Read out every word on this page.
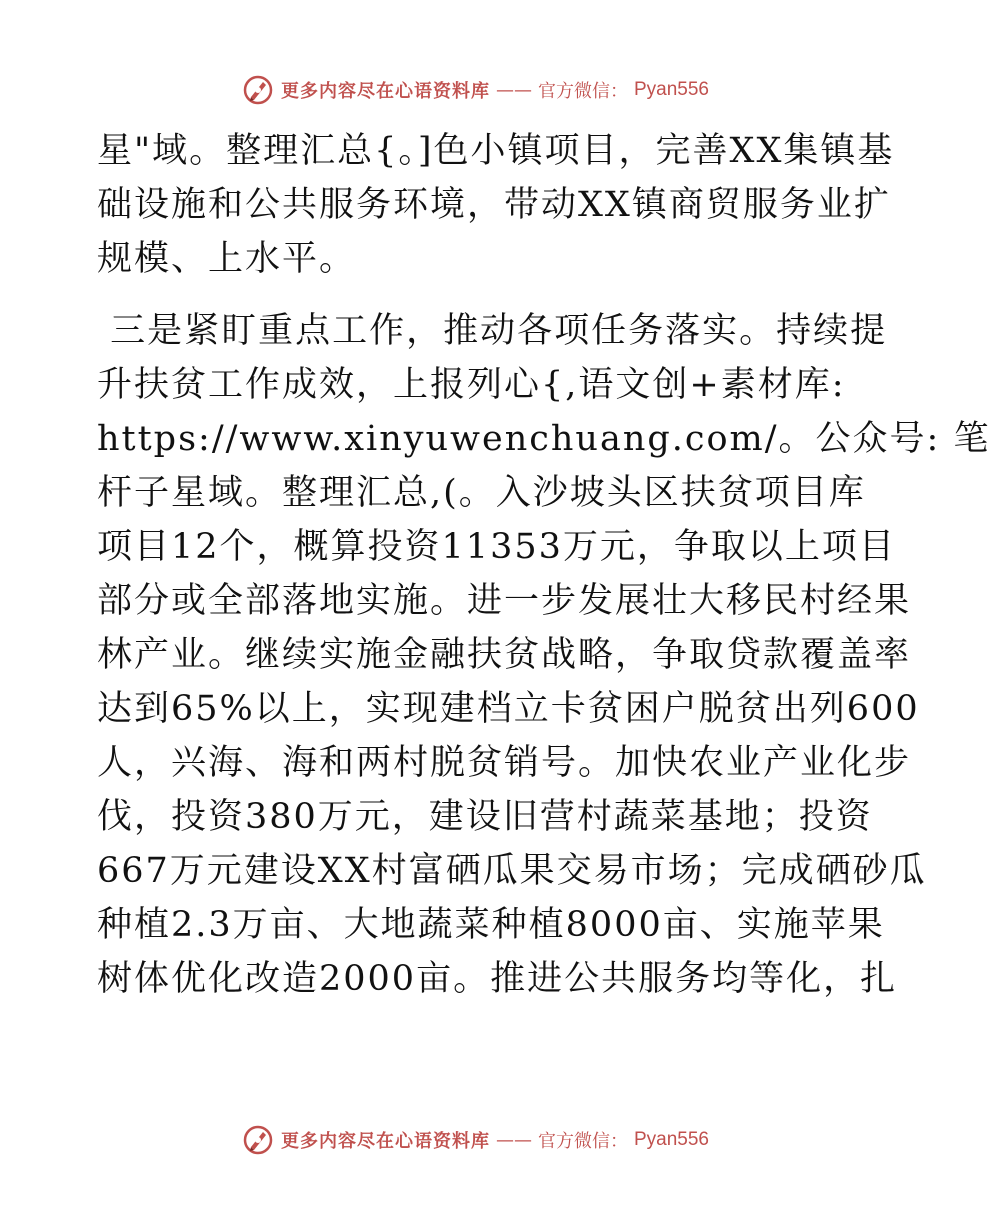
更多内容尽在心语资料库 —— 官方微信： Pyan556
星"域。整理汇总{。]色小镇项目，完善XX集镇基
础设施和公共服务环境，带动XX镇商贸服务业扩
规模、上水平。
三是紧盯重点工作，推动各项任务落实。持续提
升扶贫工作成效，上报列心{,语文创+素材库:
https://www.xinyuwenchuang.com/。公众号: 笔
杆子星域。整理汇总,(。入沙坡头区扶贫项目库
项目12个，概算投资11353万元，争取以上项目
部分或全部落地实施。进一步发展壮大移民村经果
林产业。继续实施金融扶贫战略，争取贷款覆盖率
达到65%以上，实现建档立卡贫困户脱贫出列600
人，兴海、海和两村脱贫销号。加快农业产业化步
伐，投资380万元，建设旧营村蔬菜基地；投资
667万元建设XX村富硒瓜果交易市场；完成硒砂瓜
种植2.3万亩、大地蔬菜种植8000亩、实施苹果
树体优化改造2000亩。推进公共服务均等化，扎
更多内容尽在心语资料库 —— 官方微信： Pyan556
